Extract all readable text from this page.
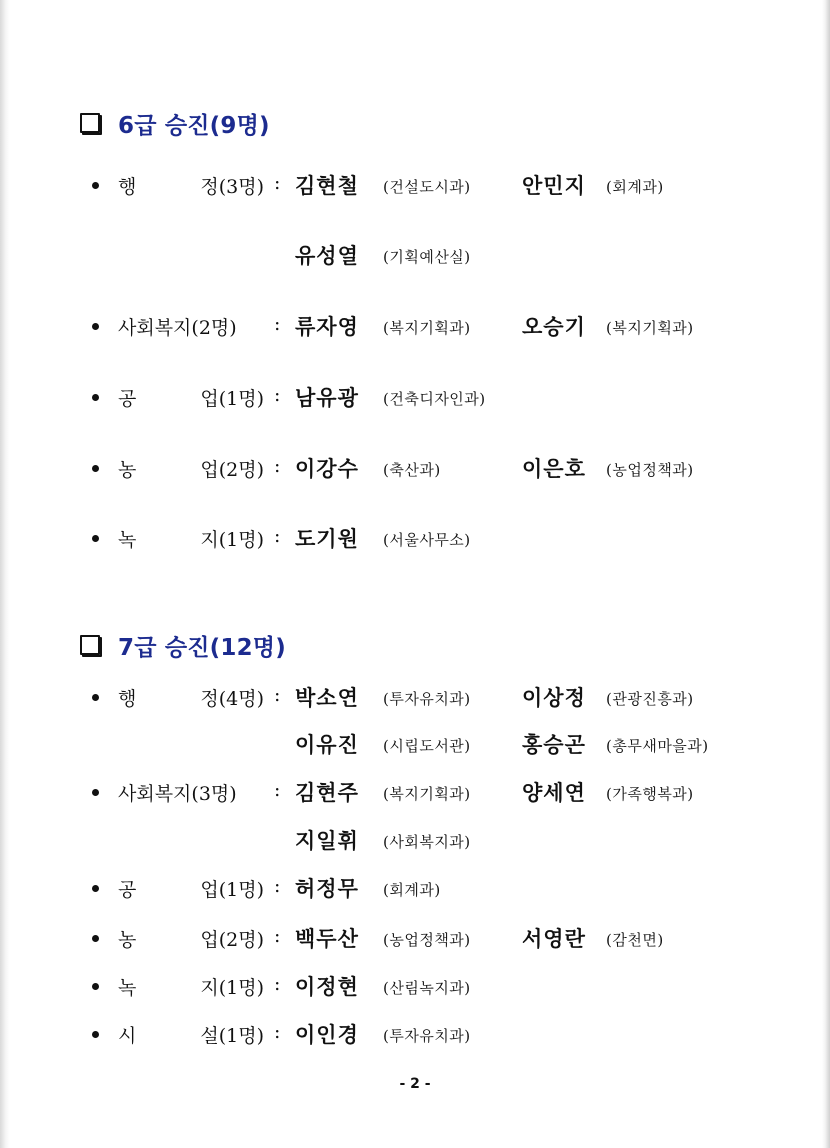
6급 승진(9명)
행	정(3명) : 김현철 (건설도시과) 안민지 (회계과)
유성열 (기획예산실)
사회복지(2명) : 류자영 (복지기획과) 오승기 (복지기획과)
공	업(1명) : 남유광 (건축디자인과)
농	업(2명) : 이강수 (축산과)	이은호 (농업정책과)
녹	지(1명) : 도기원 (서울사무소)
7급 승진(12명)
행	정(4명) : 박소연 (투자유치과) 이상정 (관광진흥과)
이유진 (시립도서관) 홍승곤 (총무새마을과)
사회복지(3명) : 김현주 (복지기획과) 양세연 (가족행복과)
지일휘 (사회복지과)
공	업(1명) : 허정무 (회계과)
농	업(2명) : 백두산 (농업정책과) 서영란 (감천면)
녹	지(1명) : 이정현 (산림녹지과)
시	설(1명) : 이인경 (투자유치과)
- 2 -
